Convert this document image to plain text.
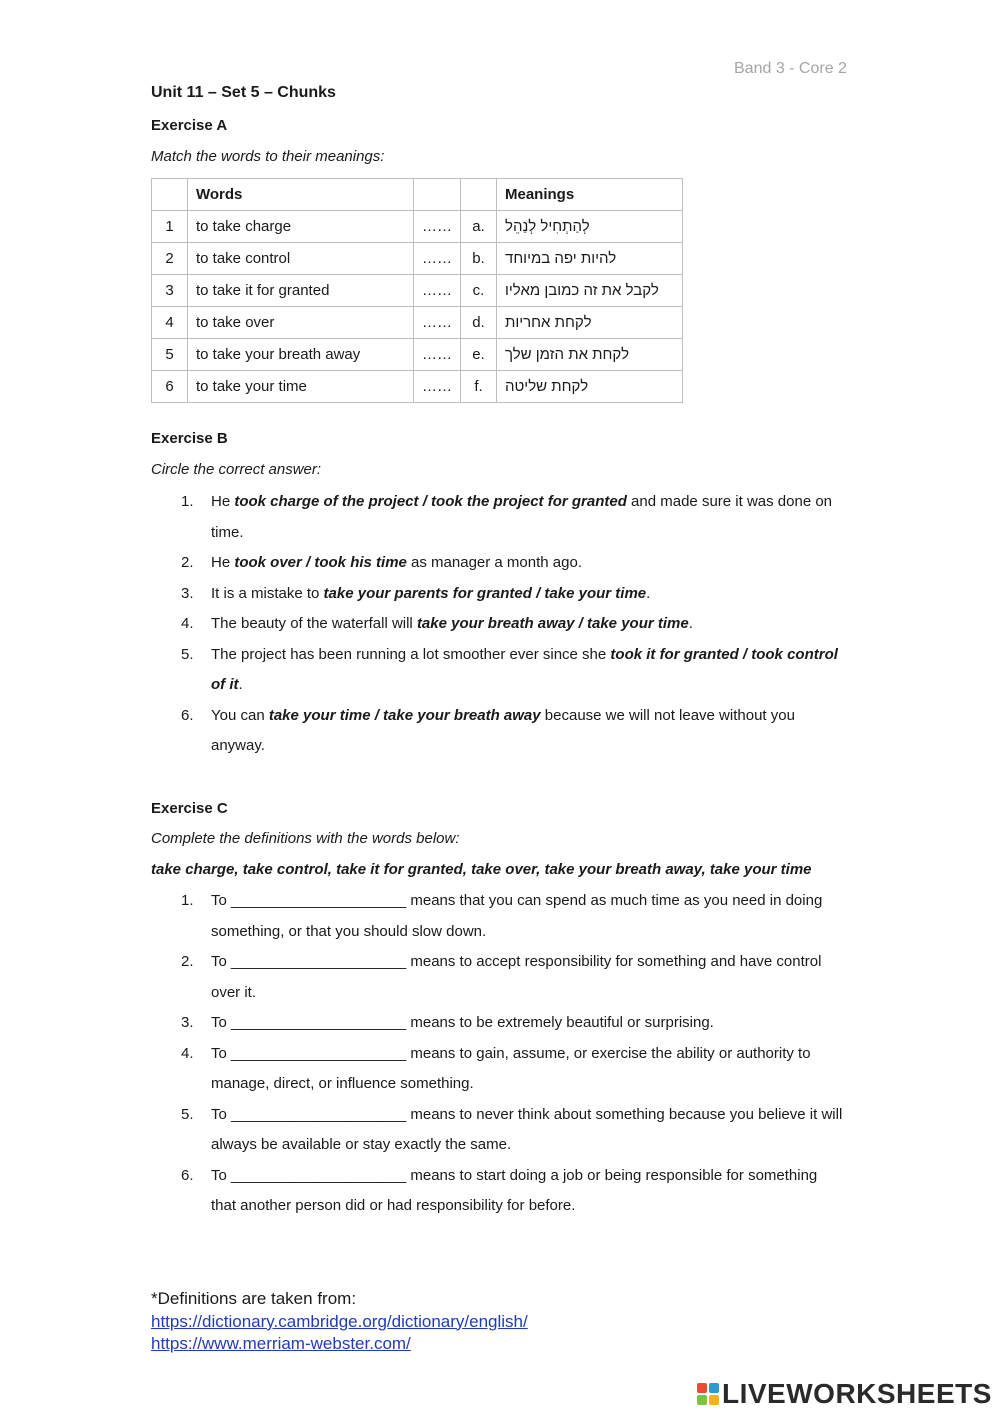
Band 3 - Core 2
Unit 11 – Set 5 – Chunks
Exercise A
Match the words to their meanings:
	Words			Meanings
1	to take charge	……	a.	לְהַתְחִיל לְנַהֵל
2	to take control	……	b.	להיות יפה במיוחד
3	to take it for granted	……	c.	לקבל את זה כמובן מאליו
4	to take over	……	d.	לקחת אחריות
5	to take your breath away	……	e.	לקחת את הזמן שלך
6	to take your time	……	f.	לקחת שליטה
Exercise B
Circle the correct answer:
1. He took charge of the project / took the project for granted and made sure it was done on time.
2. He took over / took his time as manager a month ago.
3. It is a mistake to take your parents for granted / take your time.
4. The beauty of the waterfall will take your breath away / take your time.
5. The project has been running a lot smoother ever since she took it for granted / took control of it.
6. You can take your time / take your breath away because we will not leave without you anyway.
Exercise C
Complete the definitions with the words below:
take charge, take control, take it for granted, take over, take your breath away, take your time
1. To _____________________ means that you can spend as much time as you need in doing something, or that you should slow down.
2. To _____________________ means to accept responsibility for something and have control over it.
3. To _____________________ means to be extremely beautiful or surprising.
4. To _____________________ means to gain, assume, or exercise the ability or authority to manage, direct, or influence something.
5. To _____________________ means to never think about something because you believe it will always be available or stay exactly the same.
6. To _____________________ means to start doing a job or being responsible for something that another person did or had responsibility for before.
*Definitions are taken from:
https://dictionary.cambridge.org/dictionary/english/
https://www.merriam-webster.com/
LIVEWORKSHEETS
